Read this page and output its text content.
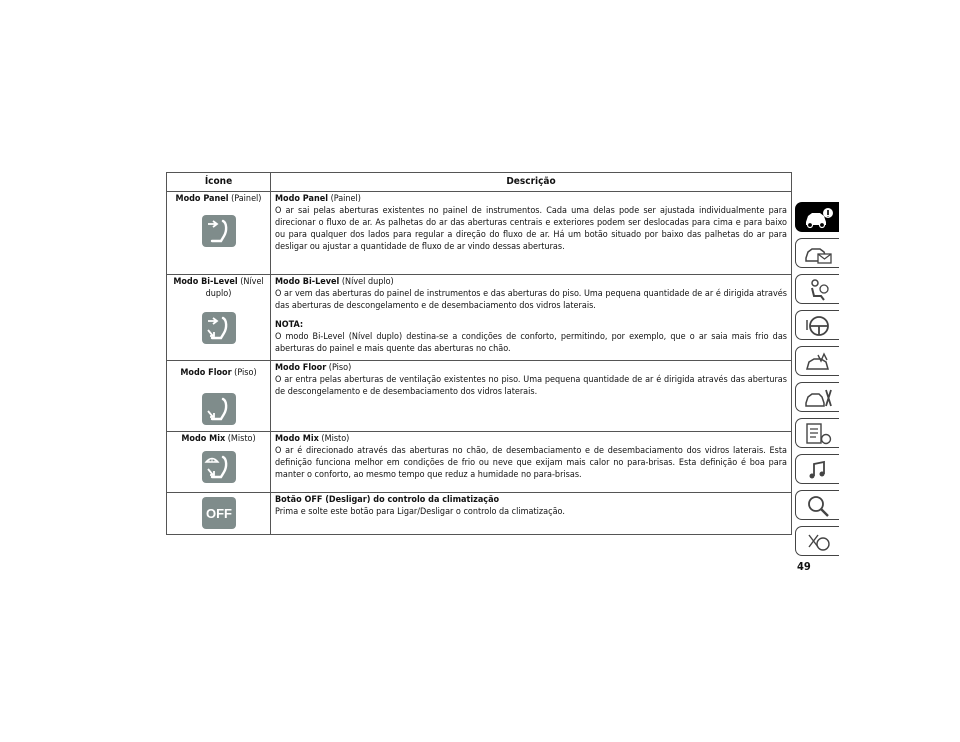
Ícone	Descrição

Modo Panel (Painel)	Modo Panel (Painel)
O ar sai pelas aberturas existentes no painel de instrumentos. Cada uma delas pode ser ajustada individualmente para direcionar o fluxo de ar. As palhetas do ar das aberturas centrais e exteriores podem ser deslocadas para cima e para baixo ou para qualquer dos lados para regular a direção do fluxo de ar. Há um botão situado por baixo das palhetas do ar para desligar ou ajustar a quantidade de fluxo de ar vindo dessas aberturas.

Modo Bi-Level (Nível duplo)	Modo Bi-Level (Nível duplo)
O ar vem das aberturas do painel de instrumentos e das aberturas do piso. Uma pequena quantidade de ar é dirigida através das aberturas de descongelamento e de desembaciamento dos vidros laterais.

NOTA:
O modo Bi-Level (Nível duplo) destina-se a condições de conforto, permitindo, por exemplo, que o ar saia mais frio das aberturas do painel e mais quente das aberturas no chão.

Modo Floor (Piso)	Modo Floor (Piso)
O ar entra pelas aberturas de ventilação existentes no piso. Uma pequena quantidade de ar é dirigida através das aberturas de descongelamento e de desembaciamento dos vidros laterais.

Modo Mix (Misto)	Modo Mix (Misto)
O ar é direcionado através das aberturas no chão, de desembaciamento e de desembaciamento dos vidros laterais. Esta definição funciona melhor em condições de frio ou neve que exijam mais calor no para-brisas. Esta definição é boa para manter o conforto, ao mesmo tempo que reduz a humidade no para-brisas.

OFF	Botão OFF (Desligar) do controlo da climatização
Prima e solte este botão para Ligar/Desligar o controlo da climatização.

49
